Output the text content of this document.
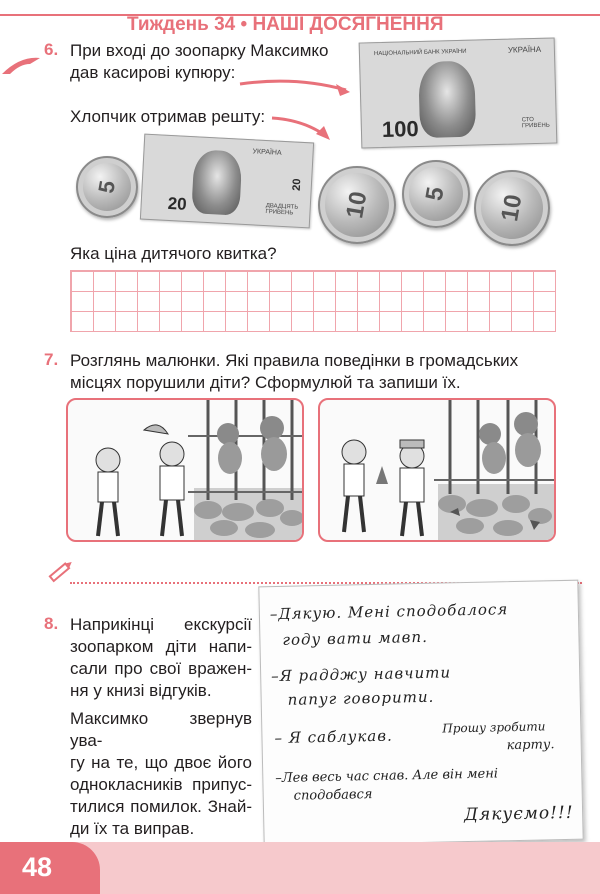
6. При вході до зоопарку Максимко
дав касирові купюру:
НАЦІОНАЛЬНИЙ БАНК УКРАЇНИ	УКРАЇНА
100	СТО ГРИВЕНЬ
Хлопчик отримав решту:
УКРАЇНА
20
20
ДВАДЦЯТЬ ГРИВЕНЬ
5
10 5 10
Яка ціна дитячого квитка?
7. Розглянь малюнки. Які правила поведінки в громадських
місцях порушили діти? Сформулюй та запиши їх.
8. Наприкінці екскурсії
зоопарком діти напи-
сали про свої вражен-
ня у книзі відгуків.
Максимко звернув ува-
гу на те, що двоє його
однокласників припус-
тилися помилок. Знай-
ди їх та виправ.
–Дякую. Мені сподобалося
году вати мавп.
–Я радджу навчити
папуг говорити.
– Я саблукав.	Прошу зробити
карту.
–Лев весь час снав. Але він мені
сподобався
Дякуємо!!!
48
Тиждень 34 • НАШІ ДОСЯГНЕННЯ
